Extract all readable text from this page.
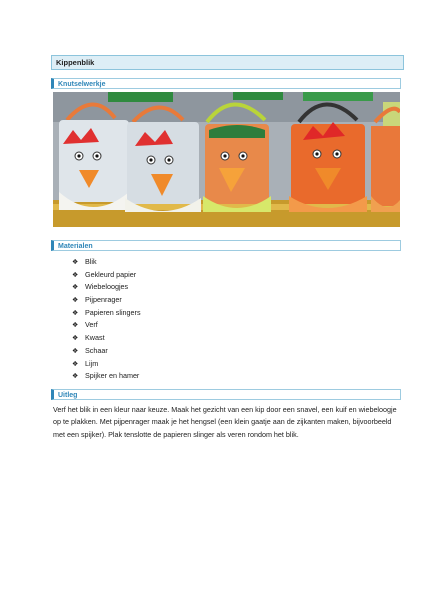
Kippenblik
Knutselwerkje
Materialen
❖ Blik
❖ Gekleurd papier
❖ Wiebeloogjes
❖ Pijpenrager
❖ Papieren slingers
❖ Verf
❖ Kwast
❖ Schaar
❖ Lijm
❖ Spijker en hamer
Uitleg

Verf het blik in een kleur naar keuze. Maak het gezicht van een kip door een snavel, een kuif en wiebeloogje op te plakken. Met pijpenrager maak je het hengsel (een klein gaatje aan de zijkanten maken, bijvoorbeeld met een spijker). Plak tenslotte de papieren slinger als veren rondom het blik.
